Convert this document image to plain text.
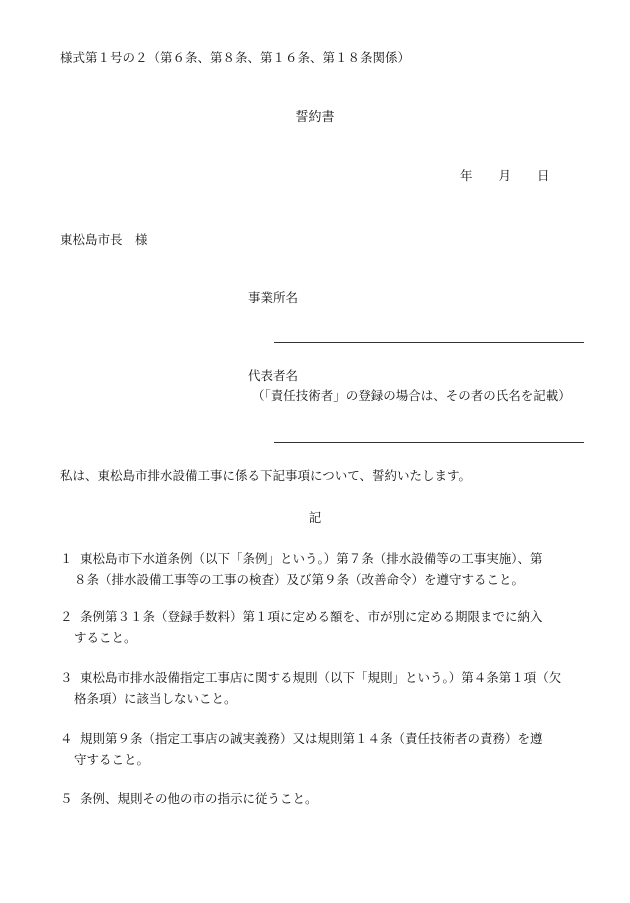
様式第１号の２（第６条、第８条、第１６条、第１８条関係）
誓約書
年 月 日
東松島市長　様
事業所名
代表者名
（「責任技術者」の登録の場合は、その者の氏名を記載）
私は、東松島市排水設備工事に係る下記事項について、誓約いたします。
記
１ 東松島市下水道条例（以下「条例」という。）第７条（排水設備等の工事実施）、第
８条（排水設備工事等の工事の検査）及び第９条（改善命令）を遵守すること。
２ 条例第３１条（登録手数料）第１項に定める額を、市が別に定める期限までに納入
すること。
３ 東松島市排水設備指定工事店に関する規則（以下「規則」という。）第４条第１項（欠
格条項）に該当しないこと。
４ 規則第９条（指定工事店の誠実義務）又は規則第１４条（責任技術者の責務）を遵
守すること。
５ 条例、規則その他の市の指示に従うこと。
